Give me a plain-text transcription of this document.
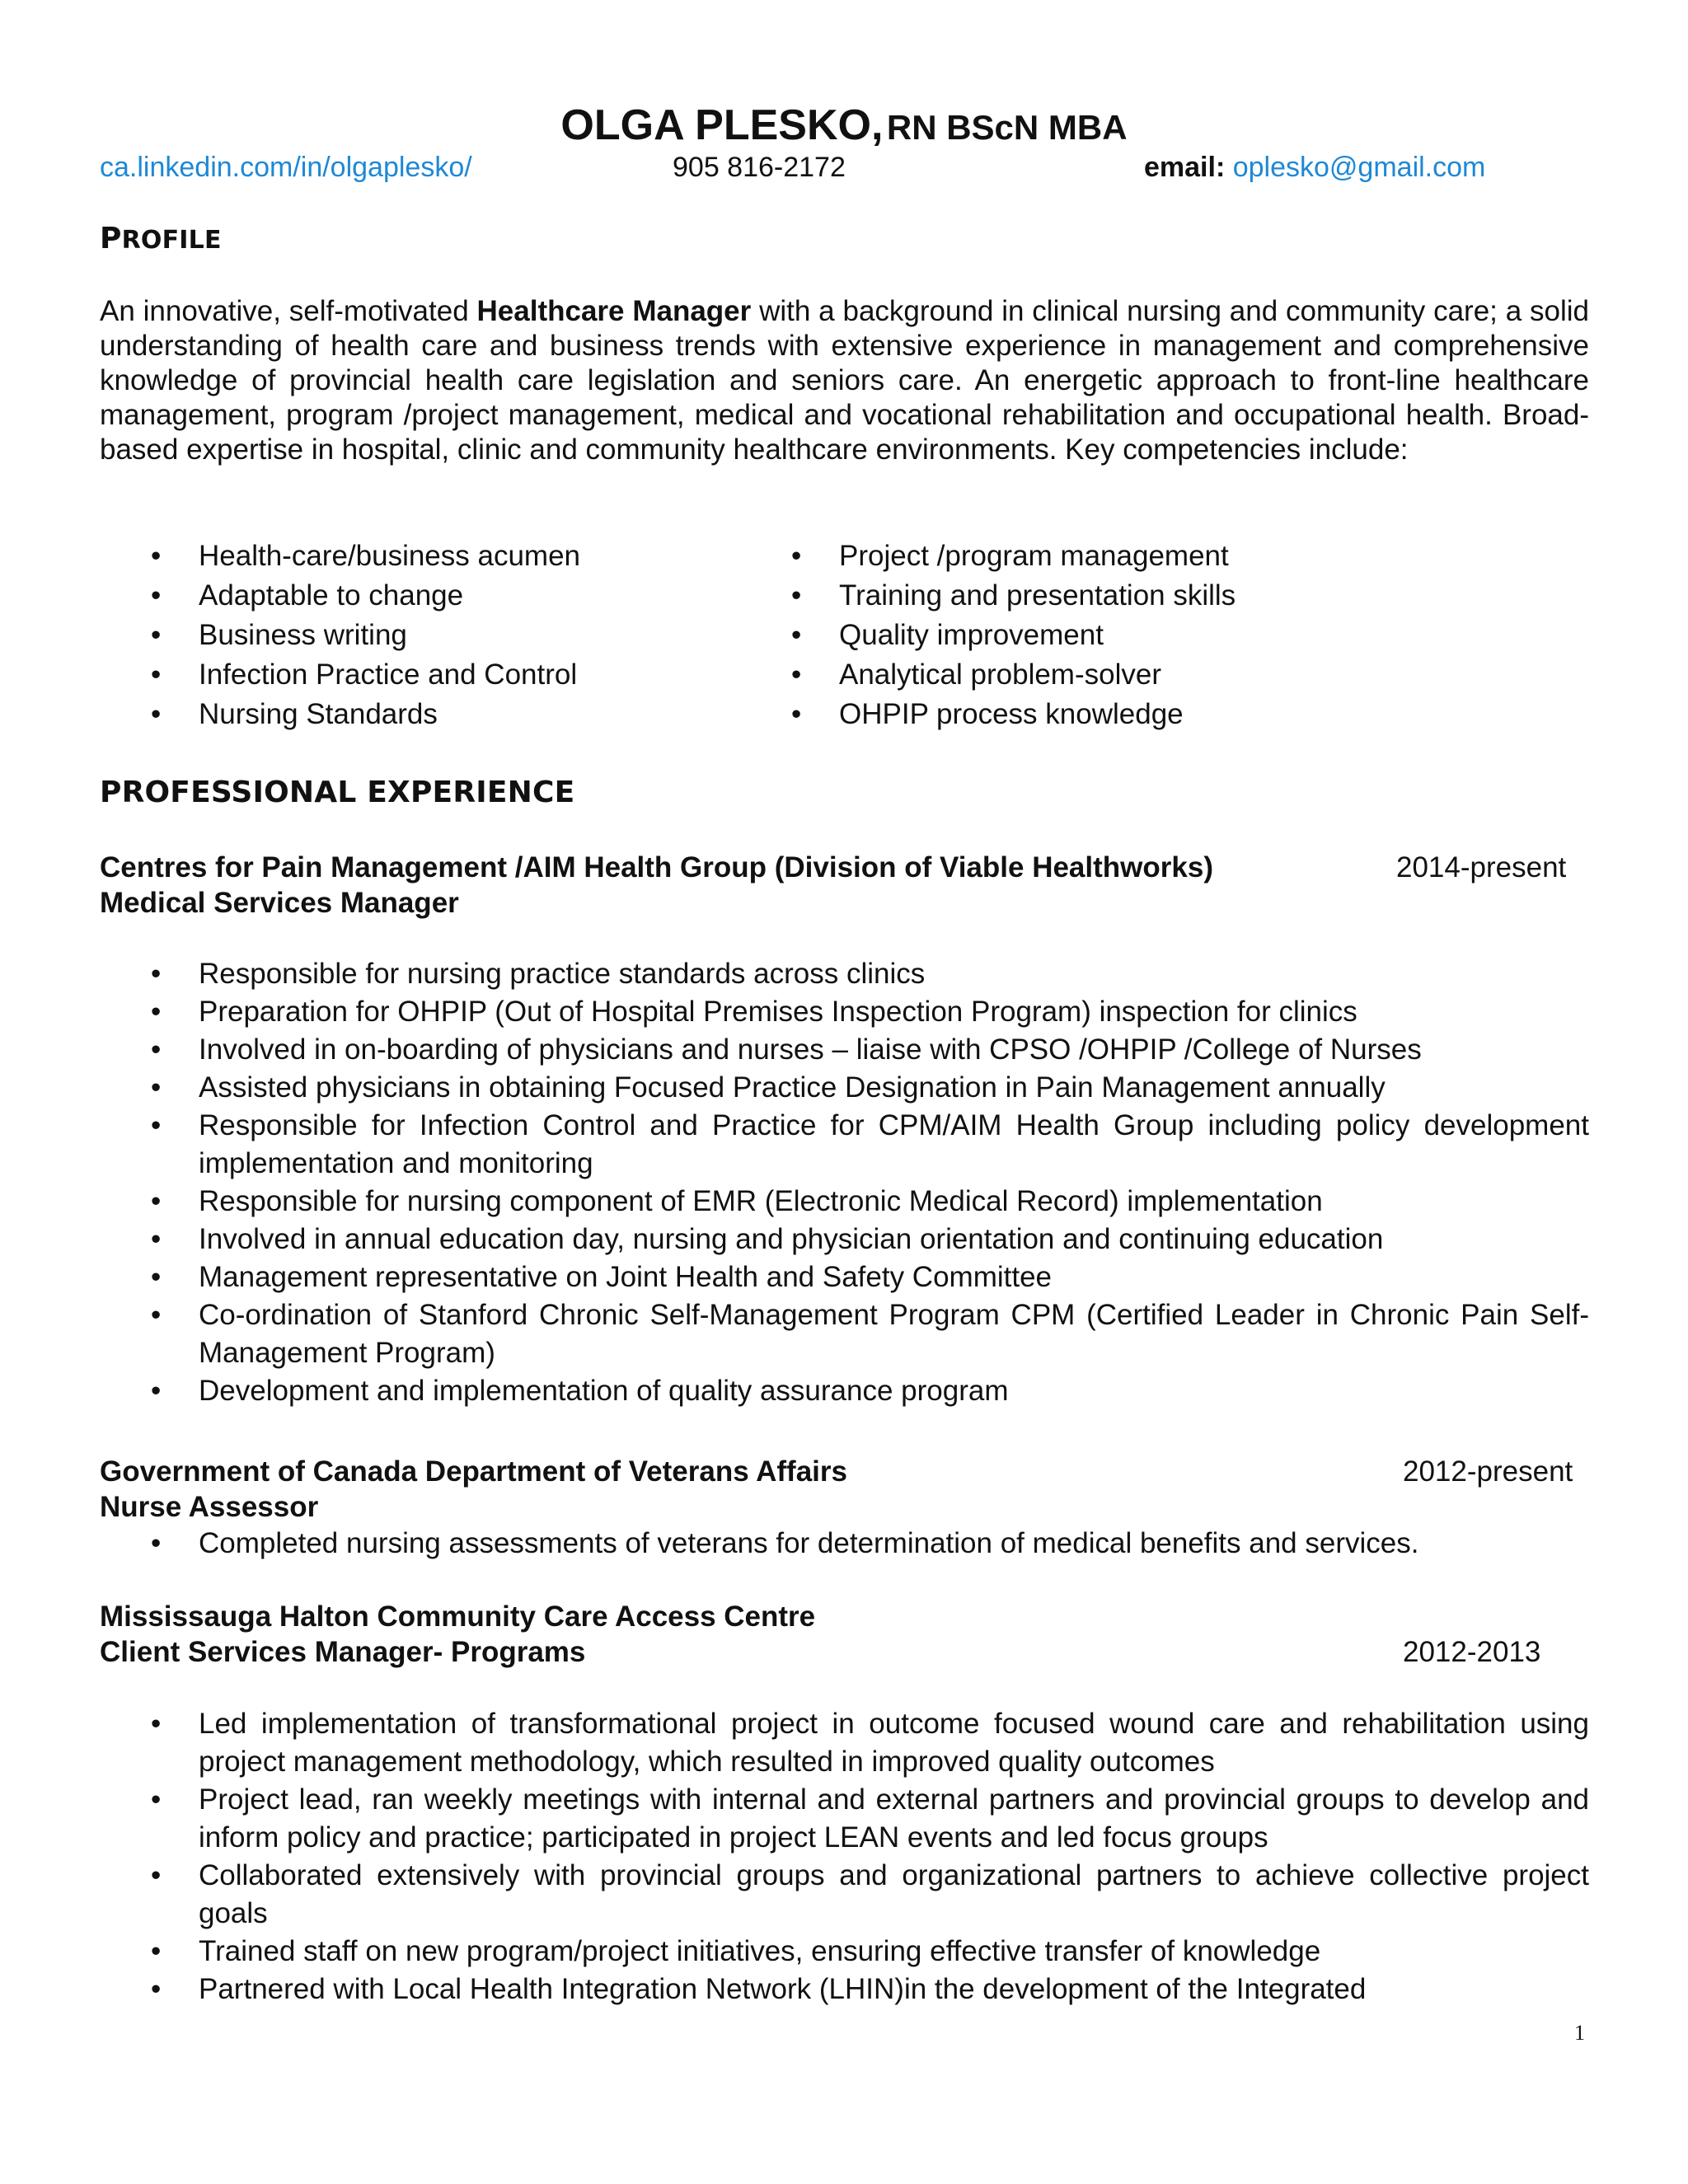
OLGA PLESKO, RN BScN MBA
ca.linkedin.com/in/olgaplesko/	905 816-2172	email: oplesko@gmail.com
PROFILE
An innovative, self-motivated Healthcare Manager with a background in clinical nursing and community care; a solid understanding of health care and business trends with extensive experience in management and comprehensive knowledge of provincial health care legislation and seniors care. An energetic approach to front-line healthcare management, program /project management, medical and vocational rehabilitation and occupational health. Broad-based expertise in hospital, clinic and community healthcare environments. Key competencies include:
• Health-care/business acumen
• Adaptable to change
• Business writing
• Infection Practice and Control
• Nursing Standards
• Project /program management
• Training and presentation skills
• Quality improvement
• Analytical problem-solver
• OHPIP process knowledge
PROFESSIONAL EXPERIENCE
Centres for Pain Management /AIM Health Group (Division of Viable Healthworks)	2014-present
Medical Services Manager
• Responsible for nursing practice standards across clinics
• Preparation for OHPIP (Out of Hospital Premises Inspection Program) inspection for clinics
• Involved in on-boarding of physicians and nurses – liaise with CPSO /OHPIP /College of Nurses
• Assisted physicians in obtaining Focused Practice Designation in Pain Management annually
• Responsible for Infection Control and Practice for CPM/AIM Health Group including policy development implementation and monitoring
• Responsible for nursing component of EMR (Electronic Medical Record) implementation
• Involved in annual education day, nursing and physician orientation and continuing education
• Management representative on Joint Health and Safety Committee
• Co-ordination of Stanford Chronic Self-Management Program CPM (Certified Leader in Chronic Pain Self-Management Program)
• Development and implementation of quality assurance program
Government of Canada Department of Veterans Affairs	2012-present
Nurse Assessor
• Completed nursing assessments of veterans for determination of medical benefits and services.
Mississauga Halton Community Care Access Centre
Client Services Manager- Programs	2012-2013
• Led implementation of transformational project in outcome focused wound care and rehabilitation using project management methodology, which resulted in improved quality outcomes
• Project lead, ran weekly meetings with internal and external partners and provincial groups to develop and inform policy and practice; participated in project LEAN events and led focus groups
• Collaborated extensively with provincial groups and organizational partners to achieve collective project goals
• Trained staff on new program/project initiatives, ensuring effective transfer of knowledge
• Partnered with Local Health Integration Network (LHIN)in the development of the Integrated
1
